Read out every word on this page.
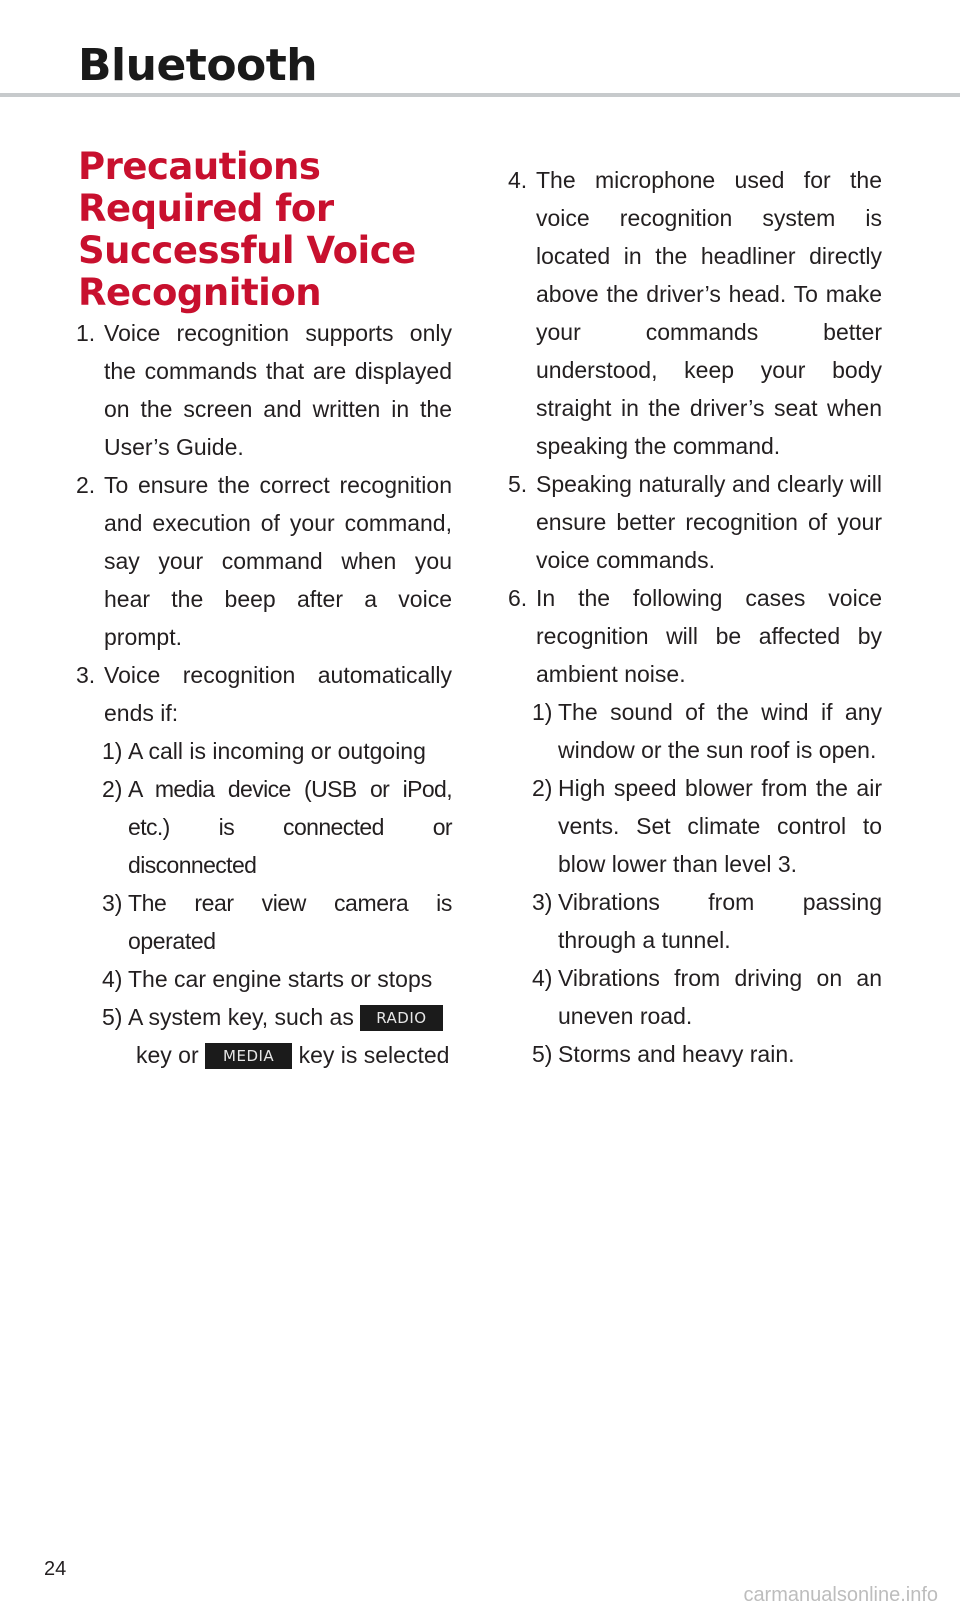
Bluetooth
Precautions Required for Successful Voice Recognition
1. Voice recognition supports only the commands that are displayed on the screen and written in the User’s Guide.
2. To ensure the correct recognition and execution of your command, say your command when you hear the beep after a voice prompt.
3. Voice recognition automatically ends if:
1) A call is incoming or outgoing
2) A media device (USB or iPod, etc.) is connected or disconnected
3) The rear view camera is operated
4) The car engine starts or stops
5) A system key, such as RADIO
key or MEDIA key is selected
4. The microphone used for the voice recognition system is located in the headliner directly above the driver’s head. To make your commands better understood, keep your body straight in the driver’s seat when speaking the command.
5. Speaking naturally and clearly will ensure better recognition of your voice commands.
6. In the following cases voice recognition will be affected by ambient noise.
1) The sound of the wind if any window or the sun roof is open.
2) High speed blower from the air vents. Set climate control to blow lower than level 3.
3) Vibrations from passing through a tunnel.
4) Vibrations from driving on an uneven road.
5) Storms and heavy rain.
24
carmanualsonline.info
